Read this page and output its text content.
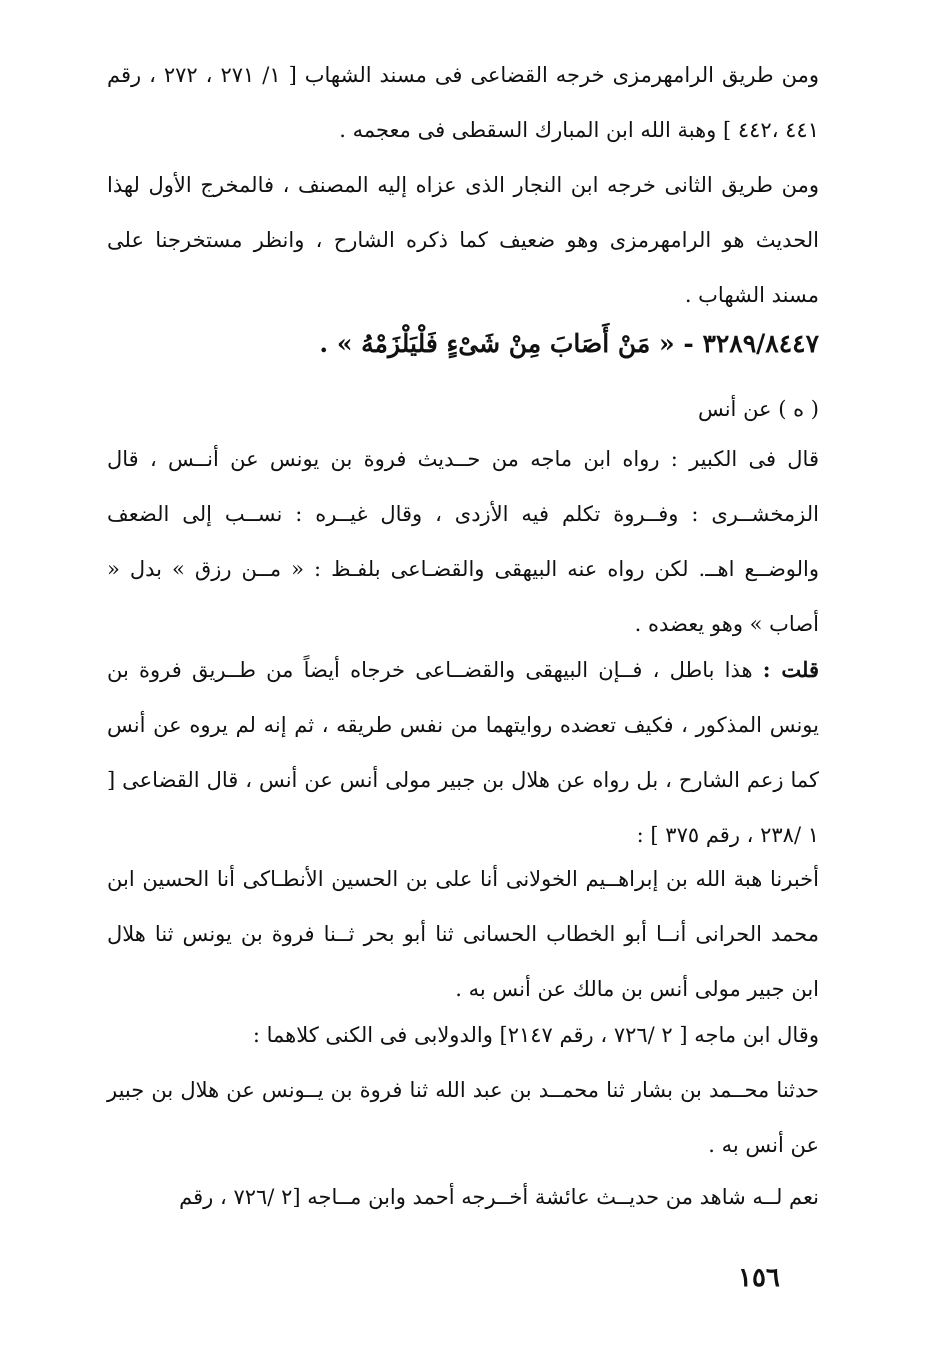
ومن طريق الرامهرمزى خرجه القضاعى فى مسند الشهاب [ ١/ ٢٧١ ، ٢٧٢ ، رقم ٤٤١ ،٤٤٢ ] وهبة الله ابن المبارك السقطى فى معجمه .
ومن طريق الثانى خرجه ابن النجار الذى عزاه إليه المصنف ، فالمخرج الأول لهذا الحديث هو الرامهرمزى وهو ضعيف كما ذكره الشارح ، وانظر مستخرجنا على مسند الشهاب .
٣٢٨٩/٨٤٤٧ - « مَنْ أَصَابَ مِنْ شَىْءٍ فَلْيَلْزَمْهُ » .
( ه ) عن أنس
قال فى الكبير : رواه ابن ماجه من حــديث فروة بن يونس عن أنــس ، قال الزمخشــرى : وفــروة تكلم فيه الأزدى ، وقال غيــره : نســب إلى الضعف والوضــع اهــ. لكن رواه عنه البيهقى والقضـاعى بلفـظ : « مــن رزق » بدل « أصاب » وهو يعضده .
قلت : هذا باطل ، فــإن البيهقى والقضــاعى خرجاه أيضاً من طــريق فروة بن يونس المذكور ، فكيف تعضده روايتهما من نفس طريقه ، ثم إنه لم يروه عن أنس كما زعم الشارح ، بل رواه عن هلال بن جبير مولى أنس عن أنس ، قال القضاعى [ ١ /٢٣٨ ، رقم ٣٧٥ ] :
أخبرنا هبة الله بن إبراهــيم الخولانى أنا على بن الحسين الأنطـاكى أنا الحسين ابن محمد الحرانى أنــا أبو الخطاب الحسانى ثنا أبو بحر ثــنا فروة بن يونس ثنا هلال ابن جبير مولى أنس بن مالك عن أنس به .
وقال ابن ماجه [ ٢ /٧٢٦ ، رقم ٢١٤٧] والدولابى فى الكنى كلاهما :
حدثنا محــمد بن بشار ثنا محمــد بن عبد الله ثنا فروة بن يــونس عن هلال بن جبير عن أنس به .
نعم لــه شاهد من حديــث عائشة أخــرجه أحمد وابن مــاجه [٢ /٧٢٦ ، رقم
١٥٦
